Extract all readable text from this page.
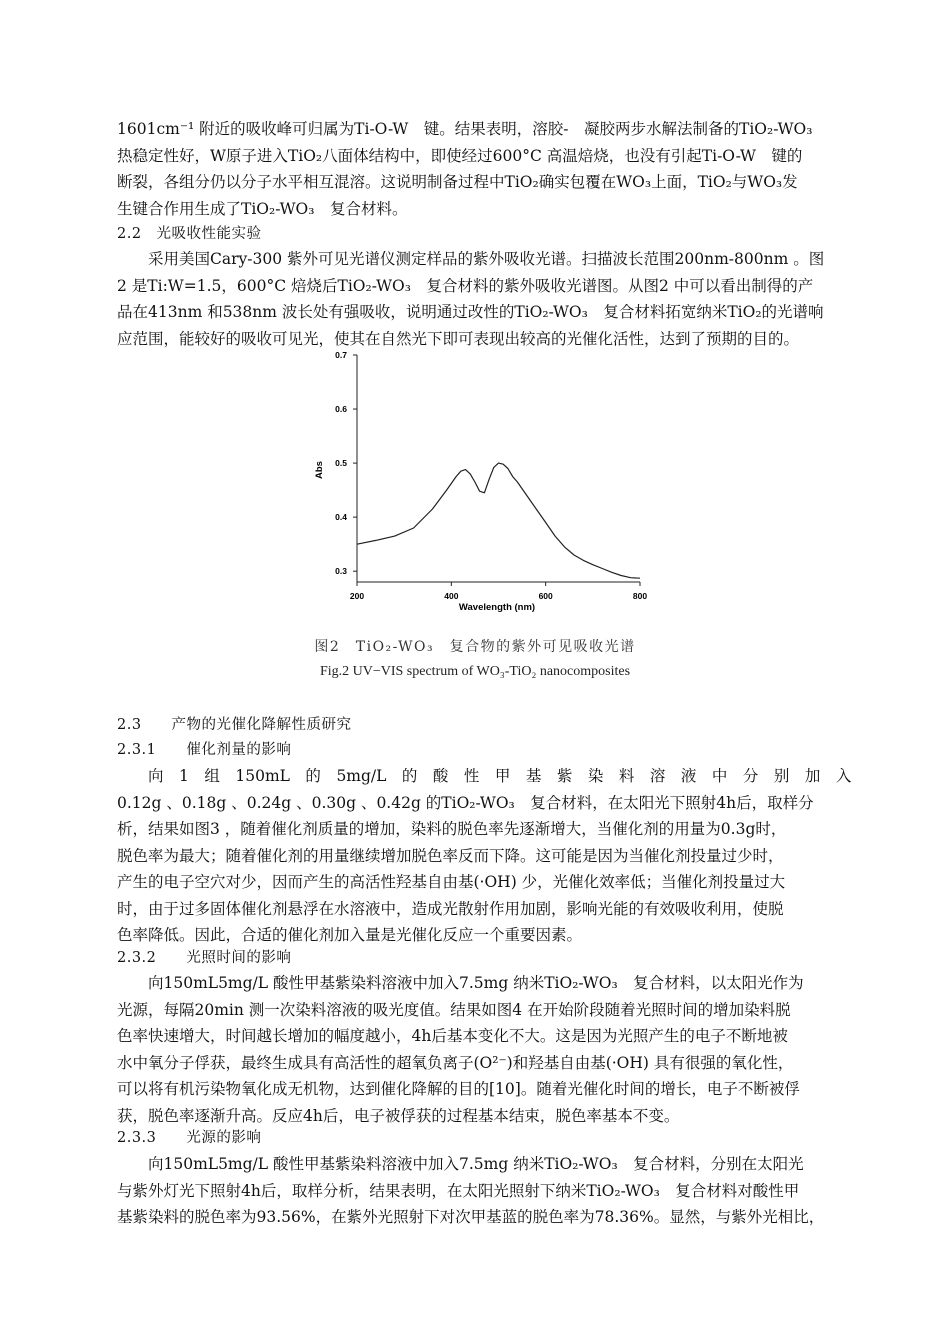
1601cm⁻¹ 附近的吸收峰可归属为Ti-O-W　键。结果表明，溶胶-　凝胶两步水解法制备的TiO₂-WO₃
热稳定性好，W原子进入TiO₂八面体结构中，即使经过600°C 高温焙烧，也没有引起Ti-O-W　键的
断裂，各组分仍以分子水平相互混溶。这说明制备过程中TiO₂确实包覆在WO₃上面，TiO₂与WO₃发
生键合作用生成了TiO₂-WO₃　复合材料。
2.2　光吸收性能实验
采用美国Cary-300 紫外可见光谱仪测定样品的紫外吸收光谱。扫描波长范围200nm-800nm 。图
2 是Ti:W=1.5，600°C 焙烧后TiO₂-WO₃　复合材料的紫外吸收光谱图。从图2 中可以看出制得的产
品在413nm 和538nm 波长处有强吸收，说明通过改性的TiO₂-WO₃　复合材料拓宽纳米TiO₂的光谱响
应范围，能较好的吸收可见光，使其在自然光下即可表现出较高的光催化活性，达到了预期的目的。
200	400	600	800
0.3
0.4
0.5
0.6
0.7
Wavelength (nm)
Abs
图2　TiO₂-WO₃　复合物的紫外可见吸收光谱
Fig.2 UV−VIS spectrum of WO₃-TiO₂ nanocomposites
2.3　　产物的光催化降解性质研究
2.3.1　　催化剂量的影响
向　1　组　150mL　的　5mg/L　的　酸　性　甲　基　紫　染　料　溶　液　中　分　别　加　入
0.12g 、0.18g 、0.24g 、0.30g 、0.42g 的TiO₂-WO₃　复合材料，在太阳光下照射4h后，取样分
析，结果如图3 ，随着催化剂质量的增加，染料的脱色率先逐渐增大，当催化剂的用量为0.3g时，
脱色率为最大；随着催化剂的用量继续增加脱色率反而下降。这可能是因为当催化剂投量过少时，
产生的电子空穴对少，因而产生的高活性羟基自由基(·OH) 少，光催化效率低；当催化剂投量过大
时，由于过多固体催化剂悬浮在水溶液中，造成光散射作用加剧，影响光能的有效吸收利用，使脱
色率降低。因此，合适的催化剂加入量是光催化反应一个重要因素。
2.3.2　　光照时间的影响
向150mL5mg/L 酸性甲基紫染料溶液中加入7.5mg 纳米TiO₂-WO₃　复合材料，以太阳光作为
光源，每隔20min 测一次染料溶液的吸光度值。结果如图4 在开始阶段随着光照时间的增加染料脱
色率快速增大，时间越长增加的幅度越小，4h后基本变化不大。这是因为光照产生的电子不断地被
水中氧分子俘获，最终生成具有高活性的超氧负离子(O²⁻)和羟基自由基(·OH) 具有很强的氧化性，
可以将有机污染物氧化成无机物，达到催化降解的目的[10]。随着光催化时间的增长，电子不断被俘
获，脱色率逐渐升高。反应4h后，电子被俘获的过程基本结束，脱色率基本不变。
2.3.3　　光源的影响
向150mL5mg/L 酸性甲基紫染料溶液中加入7.5mg 纳米TiO₂-WO₃　复合材料，分别在太阳光
与紫外灯光下照射4h后，取样分析，结果表明，在太阳光照射下纳米TiO₂-WO₃　复合材料对酸性甲
基紫染料的脱色率为93.56%，在紫外光照射下对次甲基蓝的脱色率为78.36%。显然，与紫外光相比，
